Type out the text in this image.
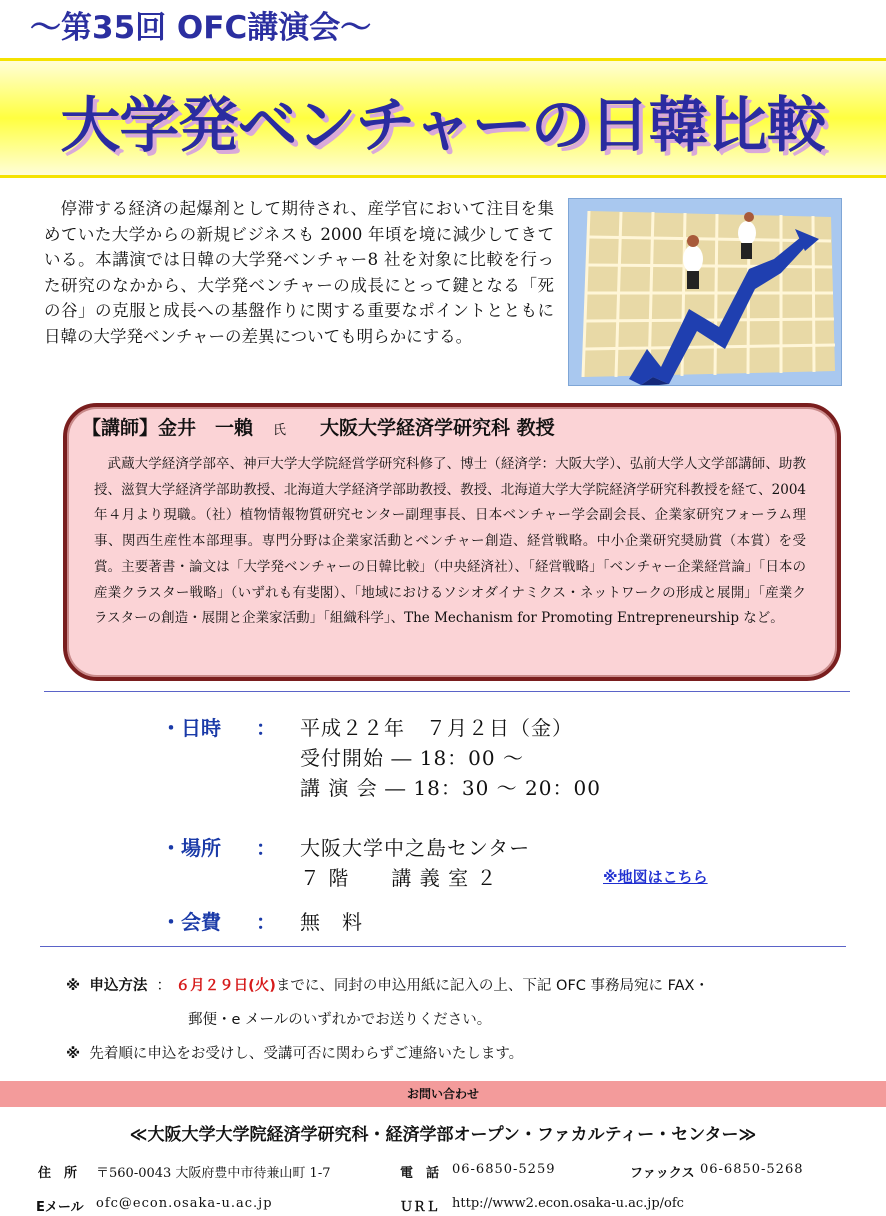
〜第35回 OFC講演会〜
大学発ベンチャーの日韓比較
停滞する経済の起爆剤として期待され、産学官において注目を集めていた大学からの新規ビジネスも 2000 年頃を境に減少してきている。本講演では日韓の大学発ベンチャー8 社を対象に比較を行った研究のなかから、大学発ベンチャーの成長にとって鍵となる「死の谷」の克服と成長への基盤作りに関する重要なポイントとともに日韓の大学発ベンチャーの差異についても明らかにする。
【講師】金井　一賴 氏 大阪大学経済学研究科 教授
武蔵大学経済学部卒、神戸大学大学院経営学研究科修了、博士（経済学：大阪大学）、弘前大学人文学部講師、助教授、滋賀大学経済学部助教授、北海道大学経済学部助教授、教授、北海道大学大学院経済学研究科教授を経て、2004 年４月より現職。（社）植物情報物質研究センター副理事長、日本ベンチャー学会副会長、企業家研究フォーラム理事、関西生産性本部理事。専門分野は企業家活動とベンチャー創造、経営戦略。中小企業研究奨励賞（本賞）を受賞。主要著書・論文は「大学発ベンチャーの日韓比較」（中央経済社）、「経営戦略」「ベンチャー企業経営論」「日本の産業クラスター戦略」（いずれも有斐閣）、「地域におけるソシオダイナミクス・ネットワークの形成と展開」「産業クラスターの創造・展開と企業家活動」「組織科学」、The Mechanism for Promoting Entrepreneurship など。
・日時 ： 平成２２年　７月２日（金）
受付開始 ― 18：00 ～
講 演 会 ― 18：30 ～ 20：00
・場所 ： 大阪大学中之島センター
７ 階　　講 義 室 ２	※地図はこちら
・会費 ： 無　料
※ 申込方法 ： ６月２９日(火)までに、同封の申込用紙に記入の上、下記 OFC 事務局宛に FAX・
郵便・e メールのいずれかでお送りください。
※ 先着順に申込をお受けし、受講可否に関わらずご連絡いたします。
お問い合わせ
≪大阪大学大学院経済学研究科・経済学部オープン・ファカルティー・センター≫
住　所 〒560-0043 大阪府豊中市待兼山町 1-7	電　話 06-6850-5259	ファックス 06-6850-5268
Eメール ofc@econ.osaka-u.ac.jp	ＵＲＬ http://www2.econ.osaka-u.ac.jp/ofc
